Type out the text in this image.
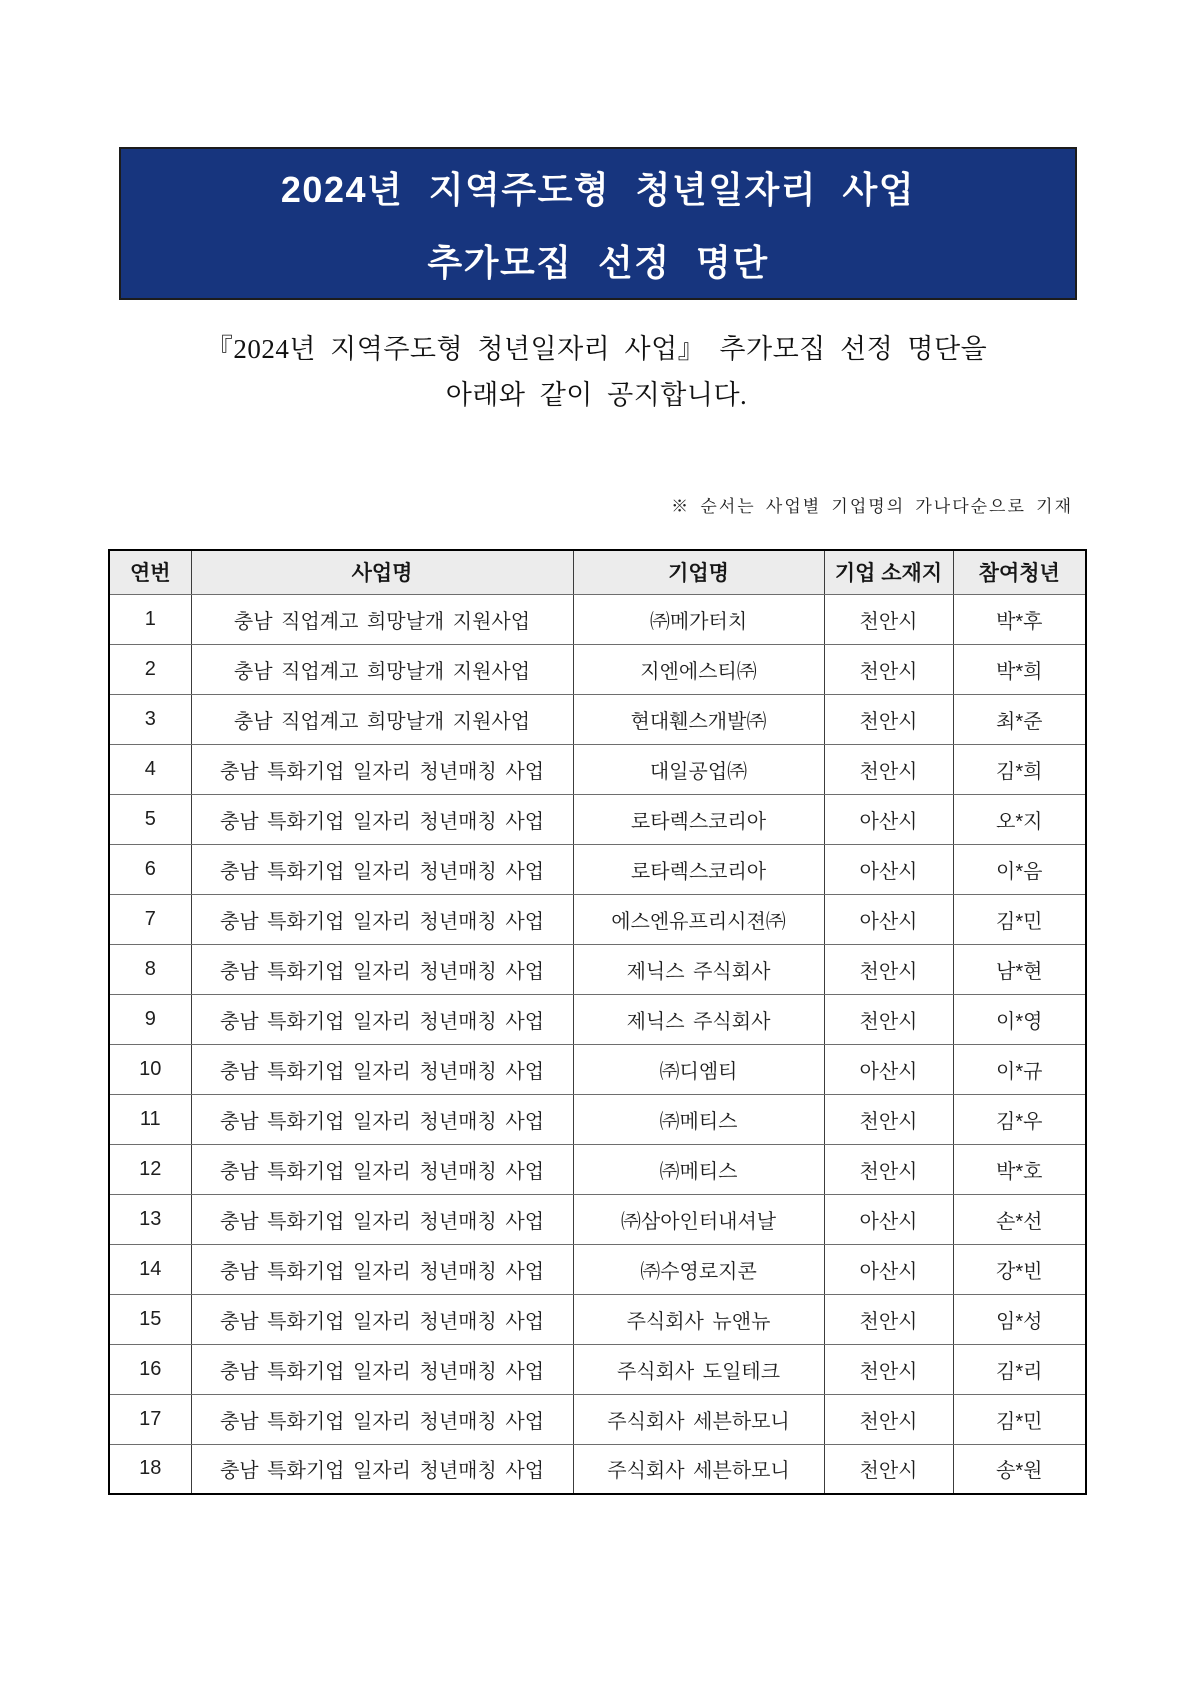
2024년 지역주도형 청년일자리 사업
추가모집 선정 명단
『2024년 지역주도형 청년일자리 사업』 추가모집 선정 명단을
아래와 같이 공지합니다.
※ 순서는 사업별 기업명의 가나다순으로 기재
연번	사업명	기업명	기업 소재지	참여청년
1	충남 직업계고 희망날개 지원사업	㈜메가터치	천안시	박*후
2	충남 직업계고 희망날개 지원사업	지엔에스티㈜	천안시	박*희
3	충남 직업계고 희망날개 지원사업	현대휀스개발㈜	천안시	최*준
4	충남 특화기업 일자리 청년매칭 사업	대일공업㈜	천안시	김*희
5	충남 특화기업 일자리 청년매칭 사업	로타렉스코리아	아산시	오*지
6	충남 특화기업 일자리 청년매칭 사업	로타렉스코리아	아산시	이*음
7	충남 특화기업 일자리 청년매칭 사업	에스엔유프리시젼㈜	아산시	김*민
8	충남 특화기업 일자리 청년매칭 사업	제닉스 주식회사	천안시	남*현
9	충남 특화기업 일자리 청년매칭 사업	제닉스 주식회사	천안시	이*영
10	충남 특화기업 일자리 청년매칭 사업	㈜디엠티	아산시	이*규
11	충남 특화기업 일자리 청년매칭 사업	㈜메티스	천안시	김*우
12	충남 특화기업 일자리 청년매칭 사업	㈜메티스	천안시	박*호
13	충남 특화기업 일자리 청년매칭 사업	㈜삼아인터내셔날	아산시	손*선
14	충남 특화기업 일자리 청년매칭 사업	㈜수영로지콘	아산시	강*빈
15	충남 특화기업 일자리 청년매칭 사업	주식회사 뉴앤뉴	천안시	임*성
16	충남 특화기업 일자리 청년매칭 사업	주식회사 도일테크	천안시	김*리
17	충남 특화기업 일자리 청년매칭 사업	주식회사 세븐하모니	천안시	김*민
18	충남 특화기업 일자리 청년매칭 사업	주식회사 세븐하모니	천안시	송*원
